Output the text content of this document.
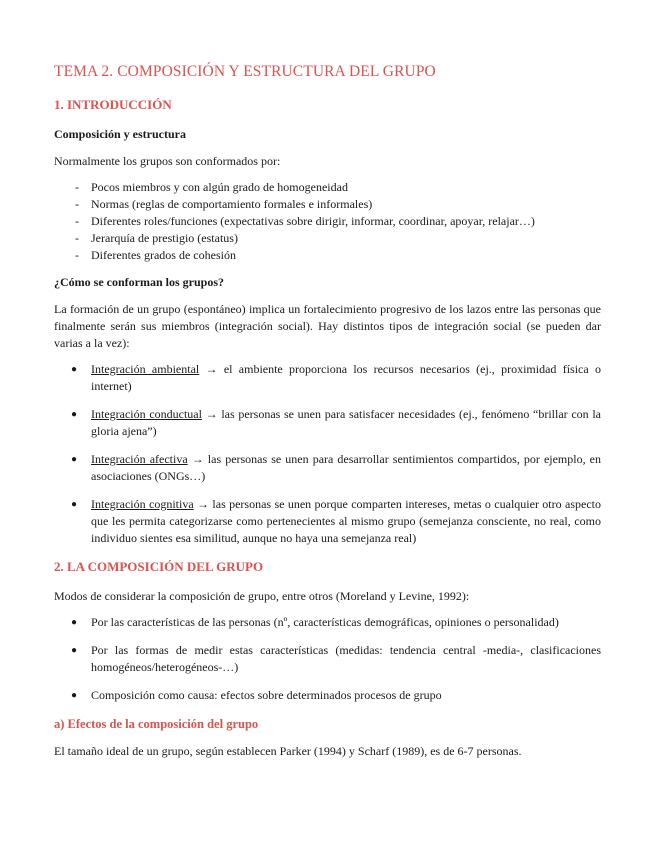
TEMA 2. COMPOSICIÓN Y ESTRUCTURA DEL GRUPO
1. INTRODUCCIÓN
Composición y estructura

Normalmente los grupos son conformados por:

- Pocos miembros y con algún grado de homogeneidad
- Normas (reglas de comportamiento formales e informales)
- Diferentes roles/funciones (expectativas sobre dirigir, informar, coordinar, apoyar, relajar…)
- Jerarquía de prestigio (estatus)
- Diferentes grados de cohesión
¿Cómo se conforman los grupos?

La formación de un grupo (espontáneo) implica un fortalecimiento progresivo de los lazos entre las personas que finalmente serán sus miembros (integración social). Hay distintos tipos de integración social (se pueden dar varias a la vez):

● Integración ambiental → el ambiente proporciona los recursos necesarios (ej., proximidad física o internet)
● Integración conductual → las personas se unen para satisfacer necesidades (ej., fenómeno “brillar con la gloria ajena”)
● Integración afectiva → las personas se unen para desarrollar sentimientos compartidos, por ejemplo, en asociaciones (ONGs…)
● Integración cognitiva → las personas se unen porque comparten intereses, metas o cualquier otro aspecto que les permita categorizarse como pertenecientes al mismo grupo (semejanza consciente, no real, como individuo sientes esa similitud, aunque no haya una semejanza real)
2. LA COMPOSICIÓN DEL GRUPO

Modos de considerar la composición de grupo, entre otros (Moreland y Levine, 1992):

● Por las características de las personas (nº, características demográficas, opiniones o personalidad)
● Por las formas de medir estas características (medidas: tendencia central -media-, clasificaciones homogéneos/heterogéneos-…)
● Composición como causa: efectos sobre determinados procesos de grupo
a) Efectos de la composición del grupo

El tamaño ideal de un grupo, según establecen Parker (1994) y Scharf (1989), es de 6-7 personas.
